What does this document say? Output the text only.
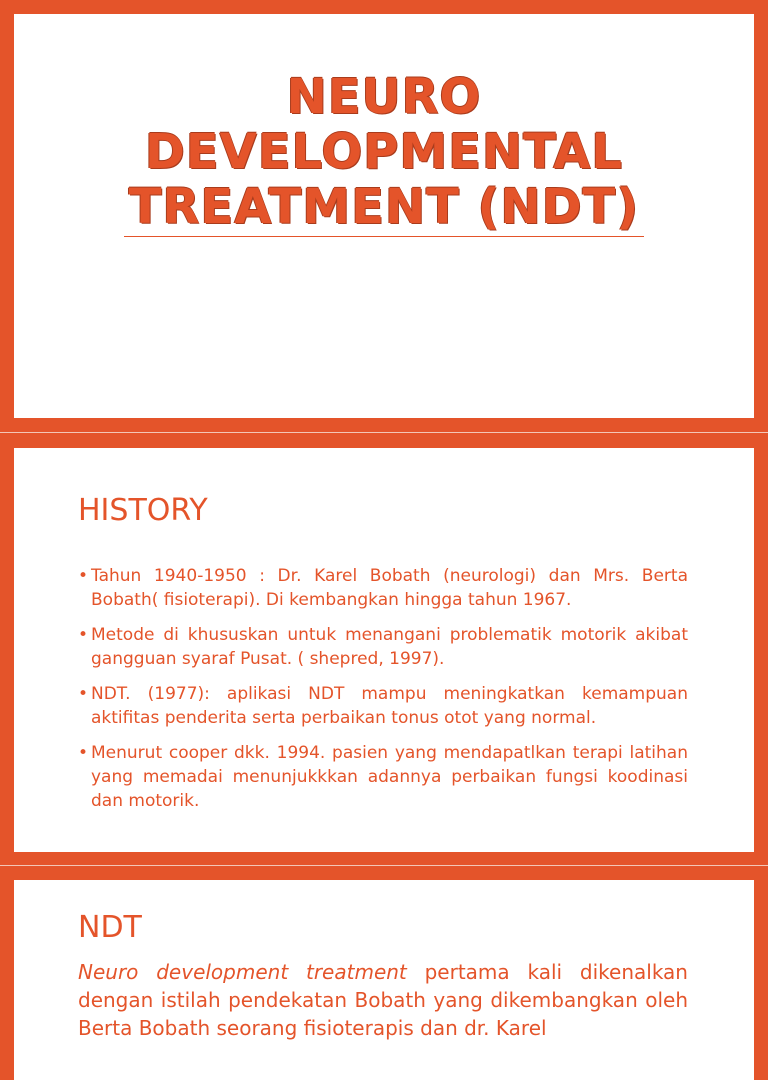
NEURO
DEVELOPMENTAL
TREATMENT (NDT)
HISTORY
• Tahun 1940-1950 : Dr. Karel Bobath (neurologi) dan Mrs. Berta Bobath( fisioterapi). Di kembangkan hingga tahun 1967.
• Metode di khususkan untuk menangani problematik motorik akibat gangguan syaraf Pusat. ( shepred, 1997).
• NDT. (1977): aplikasi NDT mampu meningkatkan kemampuan aktifitas penderita serta perbaikan tonus otot yang normal.
• Menurut cooper dkk. 1994. pasien yang mendapatlkan terapi latihan yang memadai menunjukkkan adannya perbaikan fungsi koodinasi dan motorik.
NDT

Neuro development treatment pertama kali dikenalkan dengan istilah pendekatan Bobath yang dikembangkan oleh Berta Bobath seorang fisioterapis dan dr. Karel
